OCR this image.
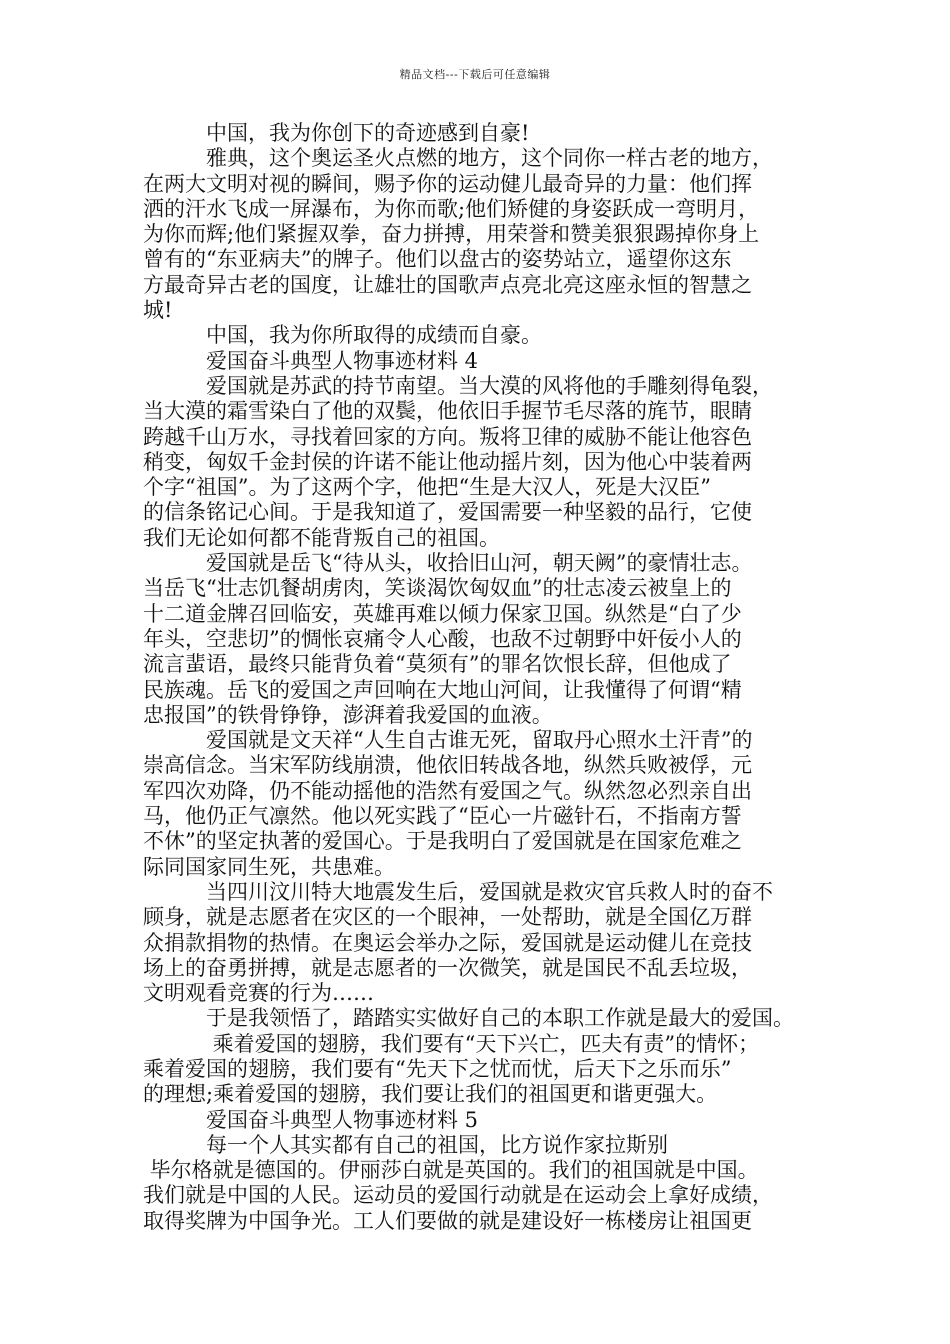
精品文档---下载后可任意编辑
　　　中国，我为你创下的奇迹感到自豪!
　　　雅典，这个奥运圣火点燃的地方，这个同你一样古老的地方，
在两大文明对视的瞬间，赐予你的运动健儿最奇异的力量：他们挥
洒的汗水飞成一屏瀑布，为你而歌;他们矫健的身姿跃成一弯明月，
为你而辉;他们紧握双拳，奋力拼搏，用荣誉和赞美狠狠踢掉你身上
曾有的“东亚病夫”的牌子。他们以盘古的姿势站立，遥望你这东
方最奇异古老的国度，让雄壮的国歌声点亮北亮这座永恒的智慧之
城!
　　　中国，我为你所取得的成绩而自豪。
　　　爱国奋斗典型人物事迹材料 4
　　　爱国就是苏武的持节南望。当大漠的风将他的手雕刻得龟裂，
当大漠的霜雪染白了他的双鬓，他依旧手握节毛尽落的旄节，眼睛
跨越千山万水，寻找着回家的方向。叛将卫律的威胁不能让他容色
稍变，匈奴千金封侯的许诺不能让他动摇片刻，因为他心中装着两
个字“祖国”。为了这两个字，他把“生是大汉人，死是大汉臣”
的信条铭记心间。于是我知道了，爱国需要一种坚毅的品行，它使
我们无论如何都不能背叛自己的祖国。
　　　爱国就是岳飞“待从头，收拾旧山河，朝天阙”的豪情壮志。
当岳飞“壮志饥餐胡虏肉，笑谈渴饮匈奴血”的壮志凌云被皇上的
十二道金牌召回临安，英雄再难以倾力保家卫国。纵然是“白了少
年头，空悲切”的惆怅哀痛令人心酸，也敌不过朝野中奸佞小人的
流言蜚语，最终只能背负着“莫须有”的罪名饮恨长辞，但他成了
民族魂。岳飞的爱国之声回响在大地山河间，让我懂得了何谓“精
忠报国”的铁骨铮铮，澎湃着我爱国的血液。
　　　爱国就是文天祥“人生自古谁无死，留取丹心照水土汗青”的
崇高信念。当宋军防线崩溃，他依旧转战各地，纵然兵败被俘，元
军四次劝降，仍不能动摇他的浩然有爱国之气。纵然忽必烈亲自出
马，他仍正气凛然。他以死实践了“臣心一片磁针石，不指南方誓
不休”的坚定执著的爱国心。于是我明白了爱国就是在国家危难之
际同国家同生死，共患难。
　　　当四川汶川特大地震发生后，爱国就是救灾官兵救人时的奋不
顾身，就是志愿者在灾区的一个眼神，一处帮助，就是全国亿万群
众捐款捐物的热情。在奥运会举办之际，爱国就是运动健儿在竞技
场上的奋勇拼搏，就是志愿者的一次微笑，就是国民不乱丢垃圾，
文明观看竞赛的行为……
　　　于是我领悟了，踏踏实实做好自己的本职工作就是最大的爱国。
　　　 乘着爱国的翅膀，我们要有“天下兴亡，匹夫有责”的情怀；
乘着爱国的翅膀，我们要有“先天下之忧而忧，后天下之乐而乐”
的理想;乘着爱国的翅膀，我们要让我们的祖国更和谐更强大。
　　　爱国奋斗典型人物事迹材料 5
　　　每一个人其实都有自己的祖国，比方说作家拉斯别
毕尔格就是德国的。伊丽莎白就是英国的。我们的祖国就是中国。
我们就是中国的人民。运动员的爱国行动就是在运动会上拿好成绩，
取得奖牌为中国争光。工人们要做的就是建设好一栋楼房让祖国更
